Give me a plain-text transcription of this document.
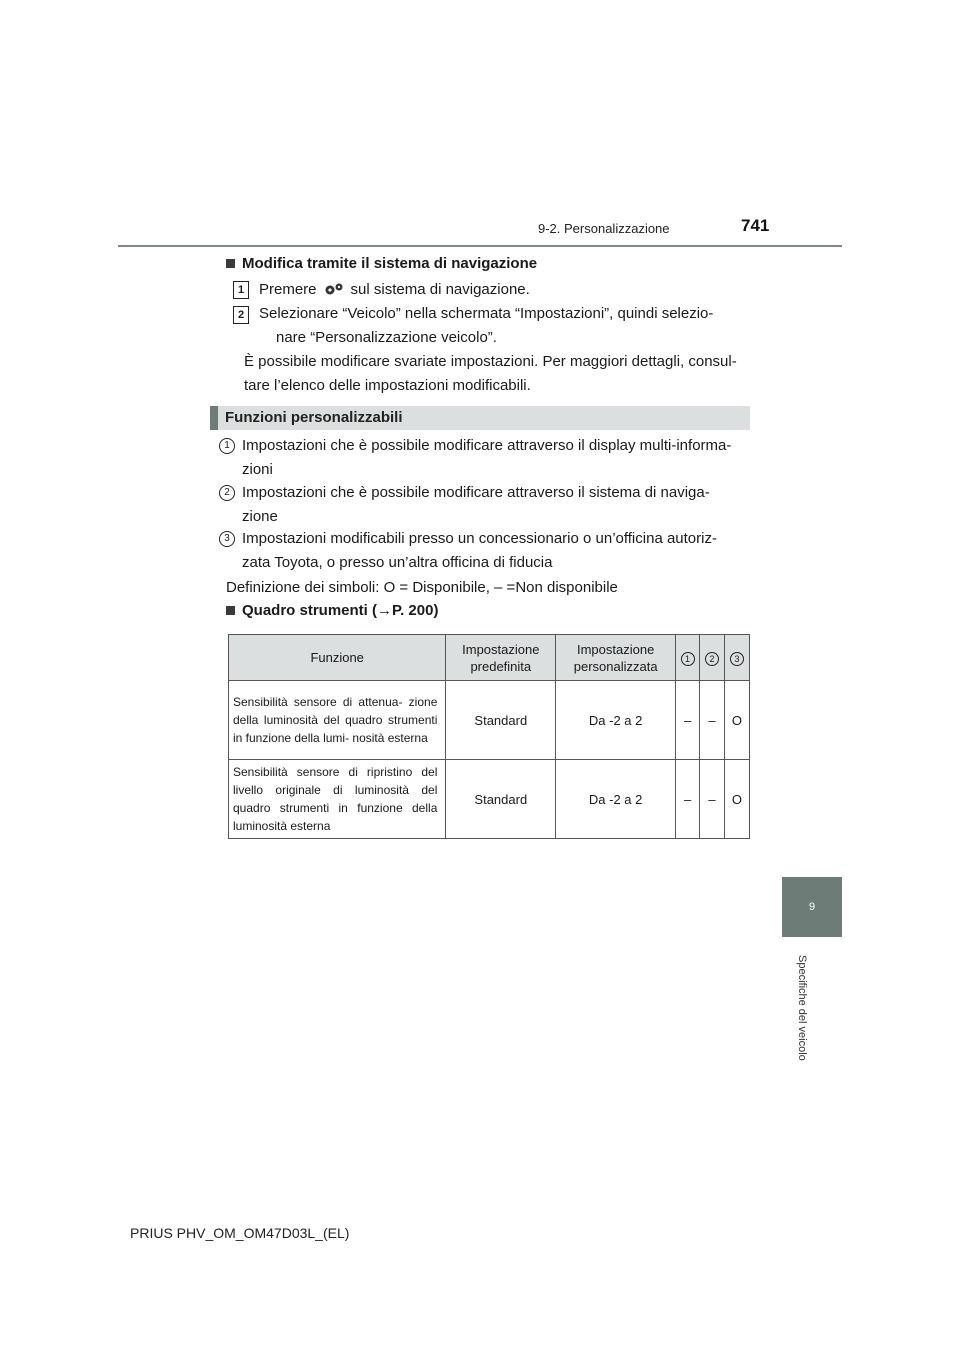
9-2. Personalizzazione	741
9
Specifiche del veicolo
Modifica tramite il sistema di navigazione
1 Premere sul sistema di navigazione.
2 Selezionare “Veicolo” nella schermata “Impostazioni”, quindi selezio-
nare “Personalizzazione veicolo”.
È possibile modificare svariate impostazioni. Per maggiori dettagli, consul-
tare l’elenco delle impostazioni modificabili.
Funzioni personalizzabili
1 Impostazioni che è possibile modificare attraverso il display multi-informa-
zioni
2 Impostazioni che è possibile modificare attraverso il sistema di naviga-
zione
3 Impostazioni modificabili presso un concessionario o un’officina autoriz-
zata Toyota, o presso un’altra officina di fiducia
Definizione dei simboli: O = Disponibile, – =Non disponibile
Quadro strumenti (→P. 200)
Funzione	Impostazione predefinita	Impostazione personalizzata	1	2	3
Sensibilità sensore di attenua- zione della luminosità del quadro strumenti in funzione della lumi- nosità esterna	Standard	Da -2 a 2	–	–	O
Sensibilità sensore di ripristino del livello originale di luminosità del quadro strumenti in funzione della luminosità esterna	Standard	Da -2 a 2	–	–	O
PRIUS PHV_OM_OM47D03L_(EL)
